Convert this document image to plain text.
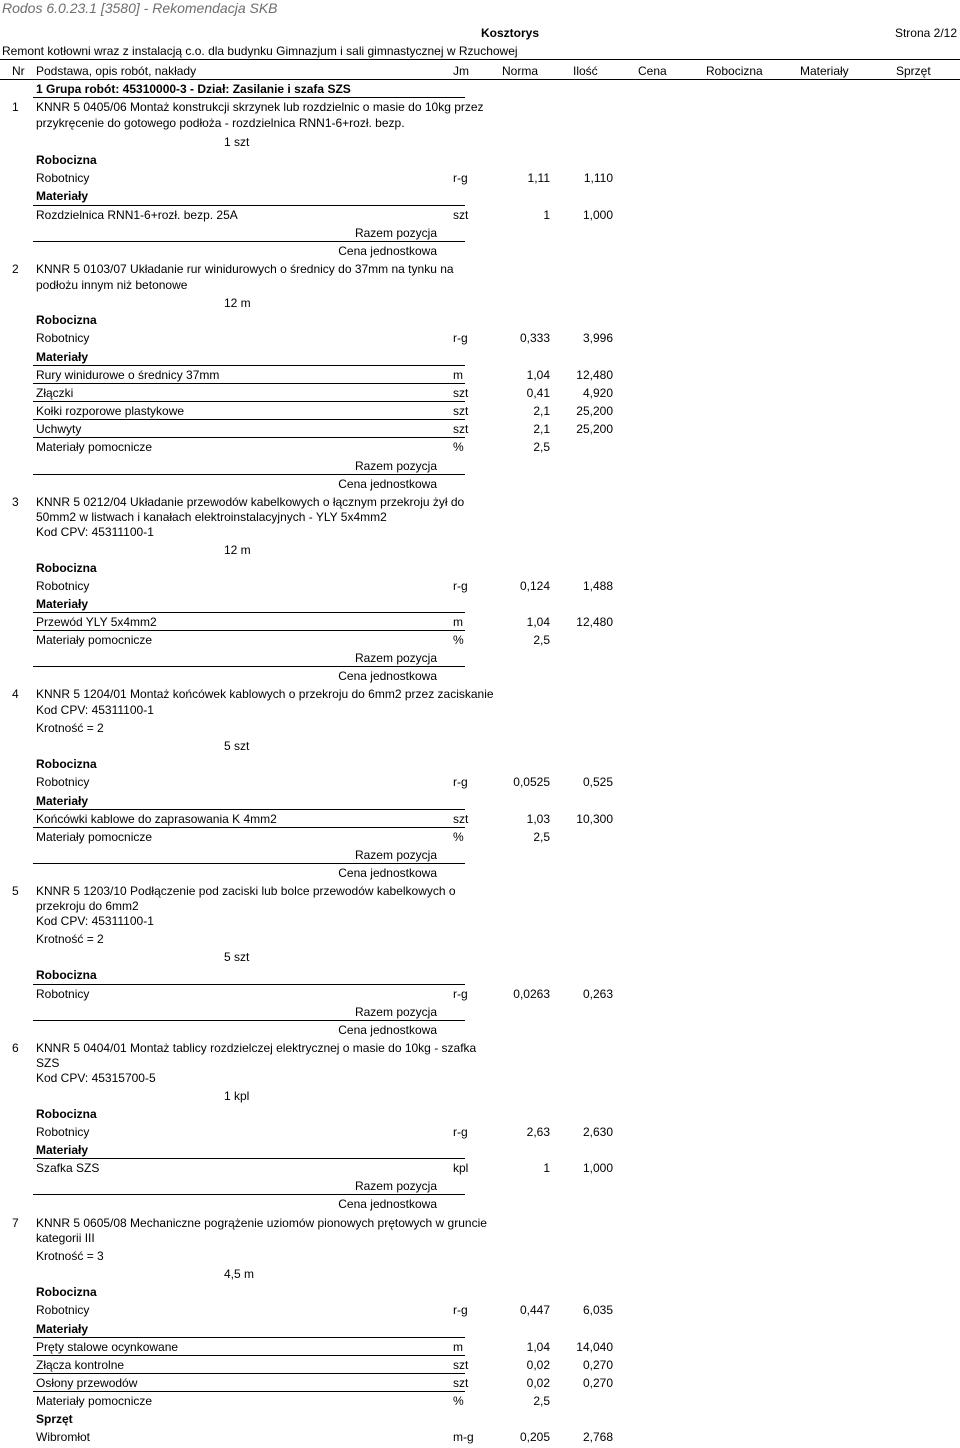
Rodos 6.0.23.1 [3580] - Rekomendacja SKB
Kosztorys	Strona 2/12
Remont kotłowni wraz z instalacją c.o. dla budynku Gimnazjum i sali gimnastycznej w Rzuchowej
Nr Podstawa, opis robót, nakłady	Jm	Norma	Ilość	Cena	Robocizna	Materiały	Sprzęt
1 Grupa robót: 45310000-3 - Dział: Zasilanie i szafa SZS
1 KNNR 5 0405/06 Montaż konstrukcji skrzynek lub rozdzielnic o masie do 10kg przez
przykręcenie do gotowego podłoża - rozdzielnica RNN1-6+rozł. bezp.
1 szt
Robocizna
Robotnicy	r-g	1,11	1,110
Materiały
Rozdzielnica RNN1-6+rozł. bezp. 25A	szt	1	1,000
Razem pozycja
Cena jednostkowa
2 KNNR 5 0103/07 Układanie rur winidurowych o średnicy do 37mm na tynku na
podłożu innym niż betonowe
12 m
Robocizna
Robotnicy	r-g	0,333	3,996
Materiały
Rury winidurowe o średnicy 37mm	m	1,04	12,480
Złączki	szt	0,41	4,920
Kołki rozporowe plastykowe	szt	2,1	25,200
Uchwyty	szt	2,1	25,200
Materiały pomocnicze	%	2,5
Razem pozycja
Cena jednostkowa
3 KNNR 5 0212/04 Układanie przewodów kabelkowych o łącznym przekroju żył do
50mm2 w listwach i kanałach elektroinstalacyjnych - YLY 5x4mm2
Kod CPV: 45311100-1
12 m
Robocizna
Robotnicy	r-g	0,124	1,488
Materiały
Przewód YLY 5x4mm2	m	1,04	12,480
Materiały pomocnicze	%	2,5
Razem pozycja
Cena jednostkowa
4 KNNR 5 1204/01 Montaż końcówek kablowych o przekroju do 6mm2 przez zaciskanie
Kod CPV: 45311100-1
Krotność = 2
5 szt
Robocizna
Robotnicy	r-g	0,0525	0,525
Materiały
Końcówki kablowe do zaprasowania K 4mm2	szt	1,03	10,300
Materiały pomocnicze	%	2,5
Razem pozycja
Cena jednostkowa
5 KNNR 5 1203/10 Podłączenie pod zaciski lub bolce przewodów kabelkowych o
przekroju do 6mm2
Kod CPV: 45311100-1
Krotność = 2
5 szt
Robocizna
Robotnicy	r-g	0,0263	0,263
Razem pozycja
Cena jednostkowa
6 KNNR 5 0404/01 Montaż tablicy rozdzielczej elektrycznej o masie do 10kg - szafka
SZS
Kod CPV: 45315700-5
1 kpl
Robocizna
Robotnicy	r-g	2,63	2,630
Materiały
Szafka SZS	kpl	1	1,000
Razem pozycja
Cena jednostkowa
7 KNNR 5 0605/08 Mechaniczne pogrążenie uziomów pionowych prętowych w gruncie
kategorii III
Krotność = 3
4,5 m
Robocizna
Robotnicy	r-g	0,447	6,035
Materiały
Pręty stalowe ocynkowane	m	1,04	14,040
Złącza kontrolne	szt	0,02	0,270
Osłony przewodów	szt	0,02	0,270
Materiały pomocnicze	%	2,5
Sprzęt
Wibromłot	m-g	0,205	2,768
